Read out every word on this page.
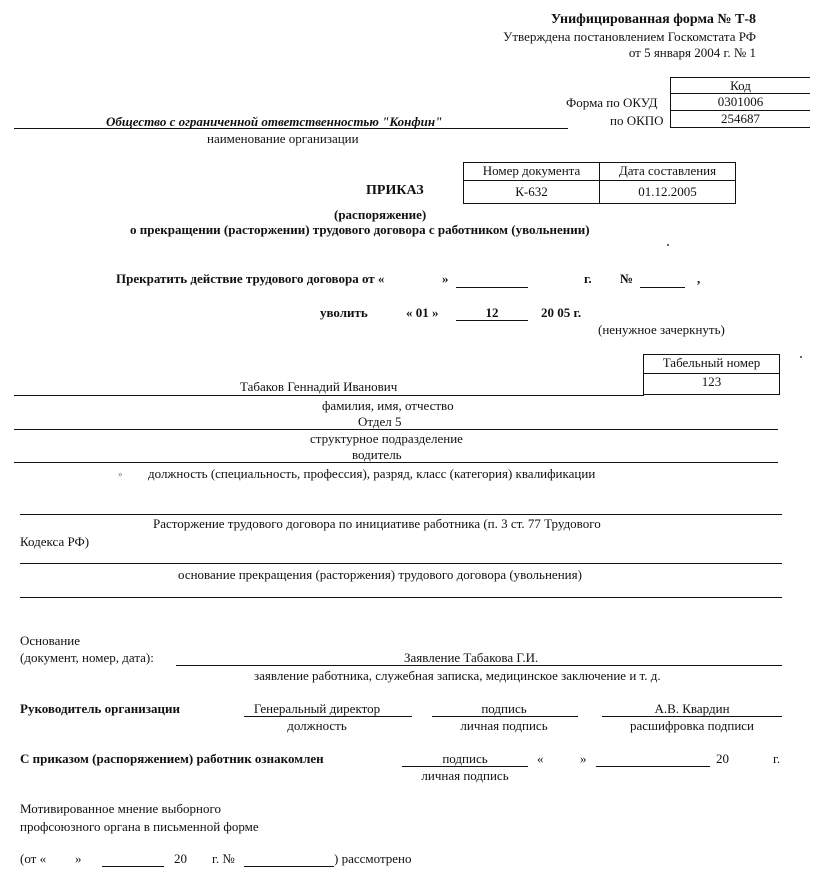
Унифицированная форма № Т-8
Утверждена постановлением Госкомстата РФ
от 5 января 2004 г. № 1
Код
Форма по ОКУД	0301006
по ОКПО	254687
Общество с ограниченной ответственностью "Конфин"
наименование организации
Номер документа	Дата составления
К-632	01.12.2005
ПРИКАЗ
(распоряжение)
о прекращении (расторжении) трудового договора с работником (увольнении)
Прекратить действие трудового договора от «	»	г. №	,
уволить	« 01 »	12	20 05 г.
(ненужное зачеркнуть)
Табельный номер
123
Табаков Геннадий Иванович
фамилия, имя, отчество
Отдел 5
структурное подразделение
водитель
должность (специальность, профессия), разряд, класс (категория) квалификации
»
Расторжение трудового договора по инициативе работника (п. 3 ст. 77 Трудового
Кодекса РФ)
основание прекращения (расторжения) трудового договора (увольнения)
Основание
(документ, номер, дата):	Заявление Табакова Г.И.
заявление работника, служебная записка, медицинское заключение и т. д.
Руководитель организации	Генеральный директор
должность
подпись
личная подпись
А.В. Квардин
расшифровка подписи
С приказом (распоряжением) работник ознакомлен	подпись
личная подпись
«	»	20	г.
Мотивированное мнение выборного
профсоюзного органа в письменной форме
(от « »	20 г. №	) рассмотрено
